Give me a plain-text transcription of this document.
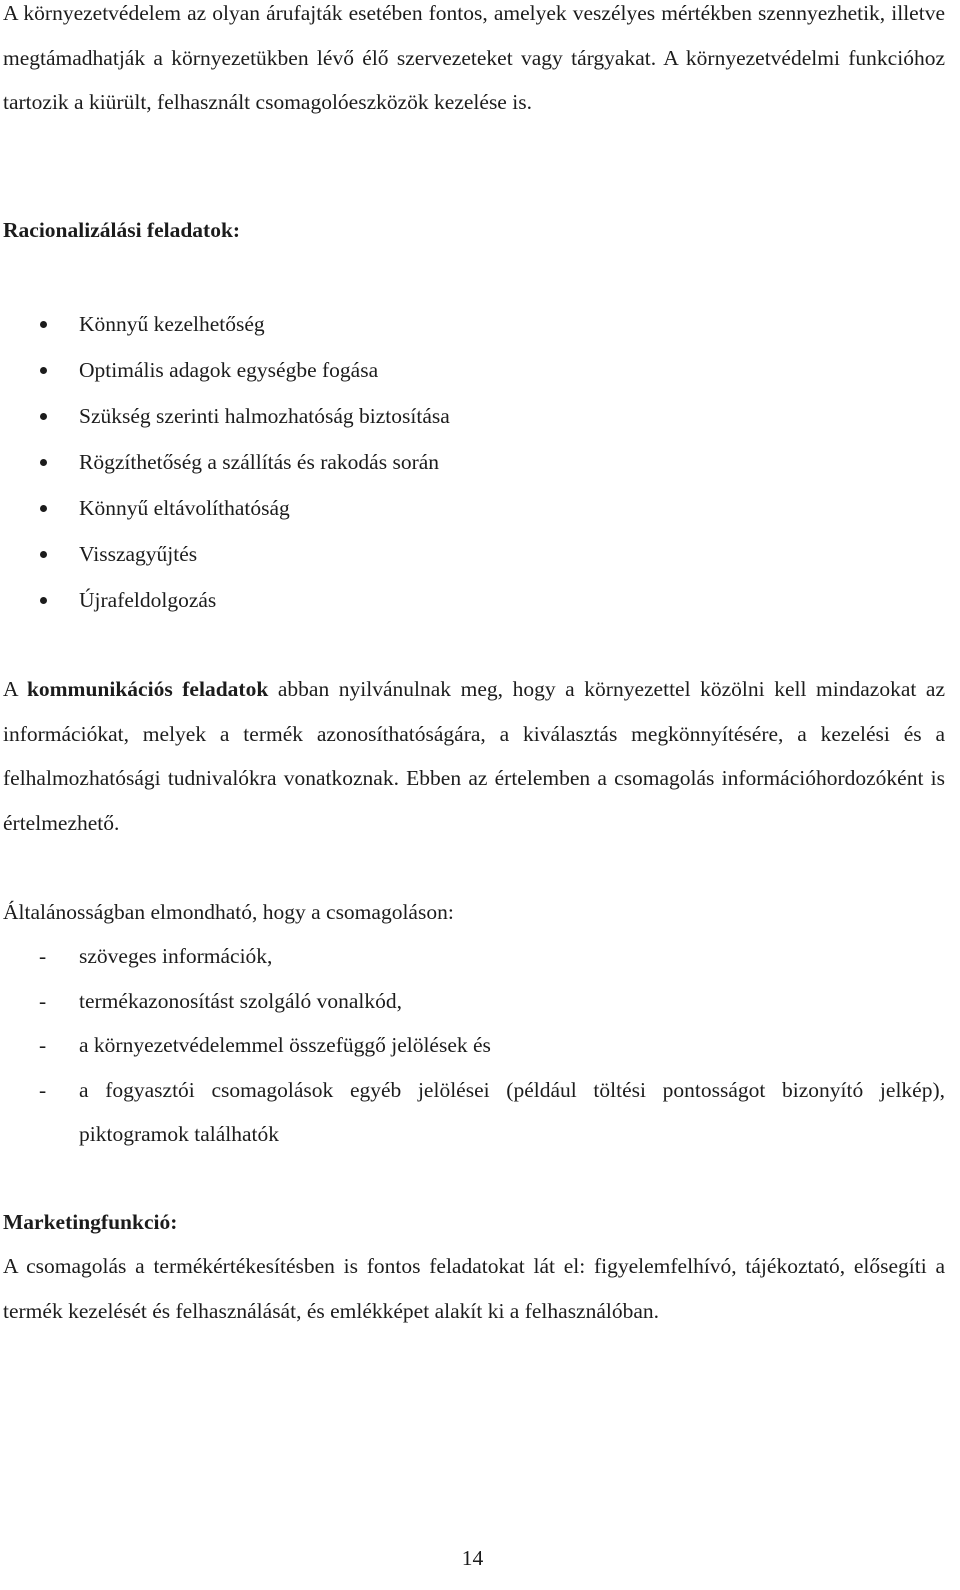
A környezetvédelem az olyan árufajták esetében fontos, amelyek veszélyes mértékben szennyezhetik, illetve megtámadhatják a környezetükben lévő élő szervezeteket vagy tárgyakat. A környezetvédelmi funkcióhoz tartozik a kiürült, felhasznált csomagolóeszközök kezelése is.

Racionalizálási feladatok:

Könnyű kezelhetőség
Optimális adagok egységbe fogása
Szükség szerinti halmozhatóság biztosítása
Rögzíthetőség a szállítás és rakodás során
Könnyű eltávolíthatóság
Visszagyűjtés
Újrafeldolgozás

A kommunikációs feladatok abban nyilvánulnak meg, hogy a környezettel közölni kell mindazokat az információkat, melyek a termék azonosíthatóságára, a kiválasztás megkönnyítésére, a kezelési és a felhalmozhatósági tudnivalókra vonatkoznak. Ebben az értelemben a csomagolás információhordozóként is értelmezhető.

Általánosságban elmondható, hogy a csomagoláson:

- szöveges információk,
- termékazonosítást szolgáló vonalkód,
- a környezetvédelemmel összefüggő jelölések és
- a fogyasztói csomagolások egyéb jelölései (például töltési pontosságot bizonyító jelkép), piktogramok találhatók

Marketingfunkció:

A csomagolás a termékértékesítésben is fontos feladatokat lát el: figyelemfelhívó, tájékoztató, elősegíti a termék kezelését és felhasználását, és emlékképet alakít ki a felhasználóban.

14
